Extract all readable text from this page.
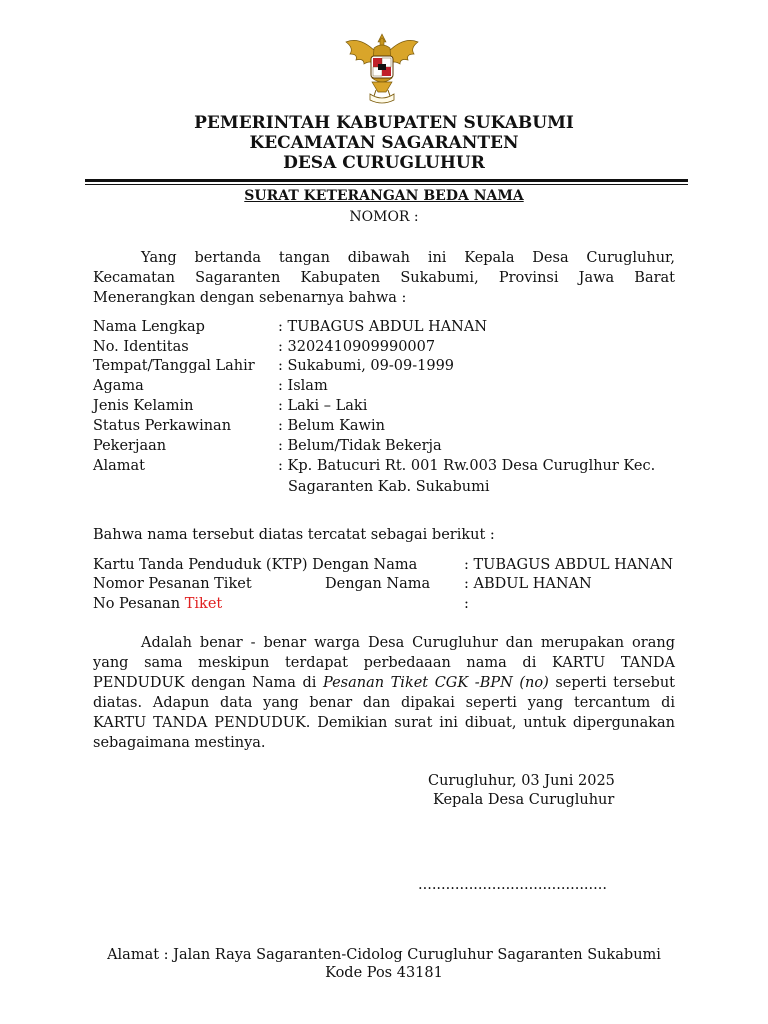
PEMERINTAH KABUPATEN SUKABUMI
KECAMATAN SAGARANTEN
DESA CURUGLUHUR
SURAT KETERANGAN BEDA NAMA
NOMOR :
Yang bertanda tangan dibawah ini Kepala Desa Curugluhur,
Kecamatan Sagaranten Kabupaten Sukabumi, Provinsi Jawa Barat
Menerangkan dengan sebenarnya bahwa :
Nama Lengkap	: TUBAGUS ABDUL HANAN
No. Identitas	: 3202410909990007
Tempat/Tanggal Lahir : Sukabumi, 09-09-1999
Agama	: Islam
Jenis Kelamin	: Laki – Laki
Status Perkawinan	: Belum Kawin
Pekerjaan	: Belum/Tidak Bekerja
Alamat	: Kp. Batucuri Rt. 001 Rw.003 Desa Curuglhur Kec.
Sagaranten Kab. Sukabumi
Bahwa nama tersebut diatas tercatat sebagai berikut :
Kartu Tanda Penduduk (KTP) Dengan Nama	: TUBAGUS ABDUL HANAN
Nomor Pesanan Tiket	Dengan Nama : ABDUL HANAN
No Pesanan Tiket	:
Adalah benar - benar warga Desa Curugluhur dan merupakan orang
yang sama meskipun terdapat perbedaaan nama di KARTU TANDA
PENDUDUK dengan Nama di Pesanan Tiket CGK -BPN (no) seperti tersebut
diatas. Adapun data yang benar dan dipakai seperti yang tercantum di
KARTU TANDA PENDUDUK. Demikian surat ini dibuat, untuk dipergunakan
sebagaimana mestinya.
Curugluhur, 03 Juni 2025
Kepala Desa Curugluhur
.........................................
Alamat : Jalan Raya Sagaranten-Cidolog Curugluhur Sagaranten Sukabumi
Kode Pos 43181
